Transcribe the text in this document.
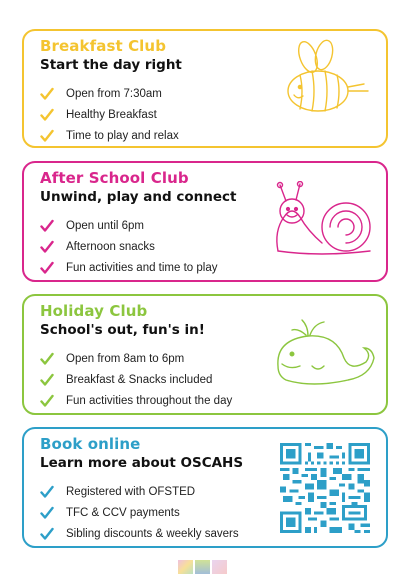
Breakfast Club
Start the day right
Open from 7:30am
Healthy Breakfast
Time to play and relax
After School Club
Unwind, play and connect
Open until 6pm
Afternoon snacks
Fun activities and time to play
Holiday Club
School's out, fun's in!
Open from 8am to 6pm
Breakfast & Snacks included
Fun activities throughout the day
Book online
Learn more about OSCAHS
Registered with OFSTED
TFC & CCV payments
Sibling discounts & weekly savers
